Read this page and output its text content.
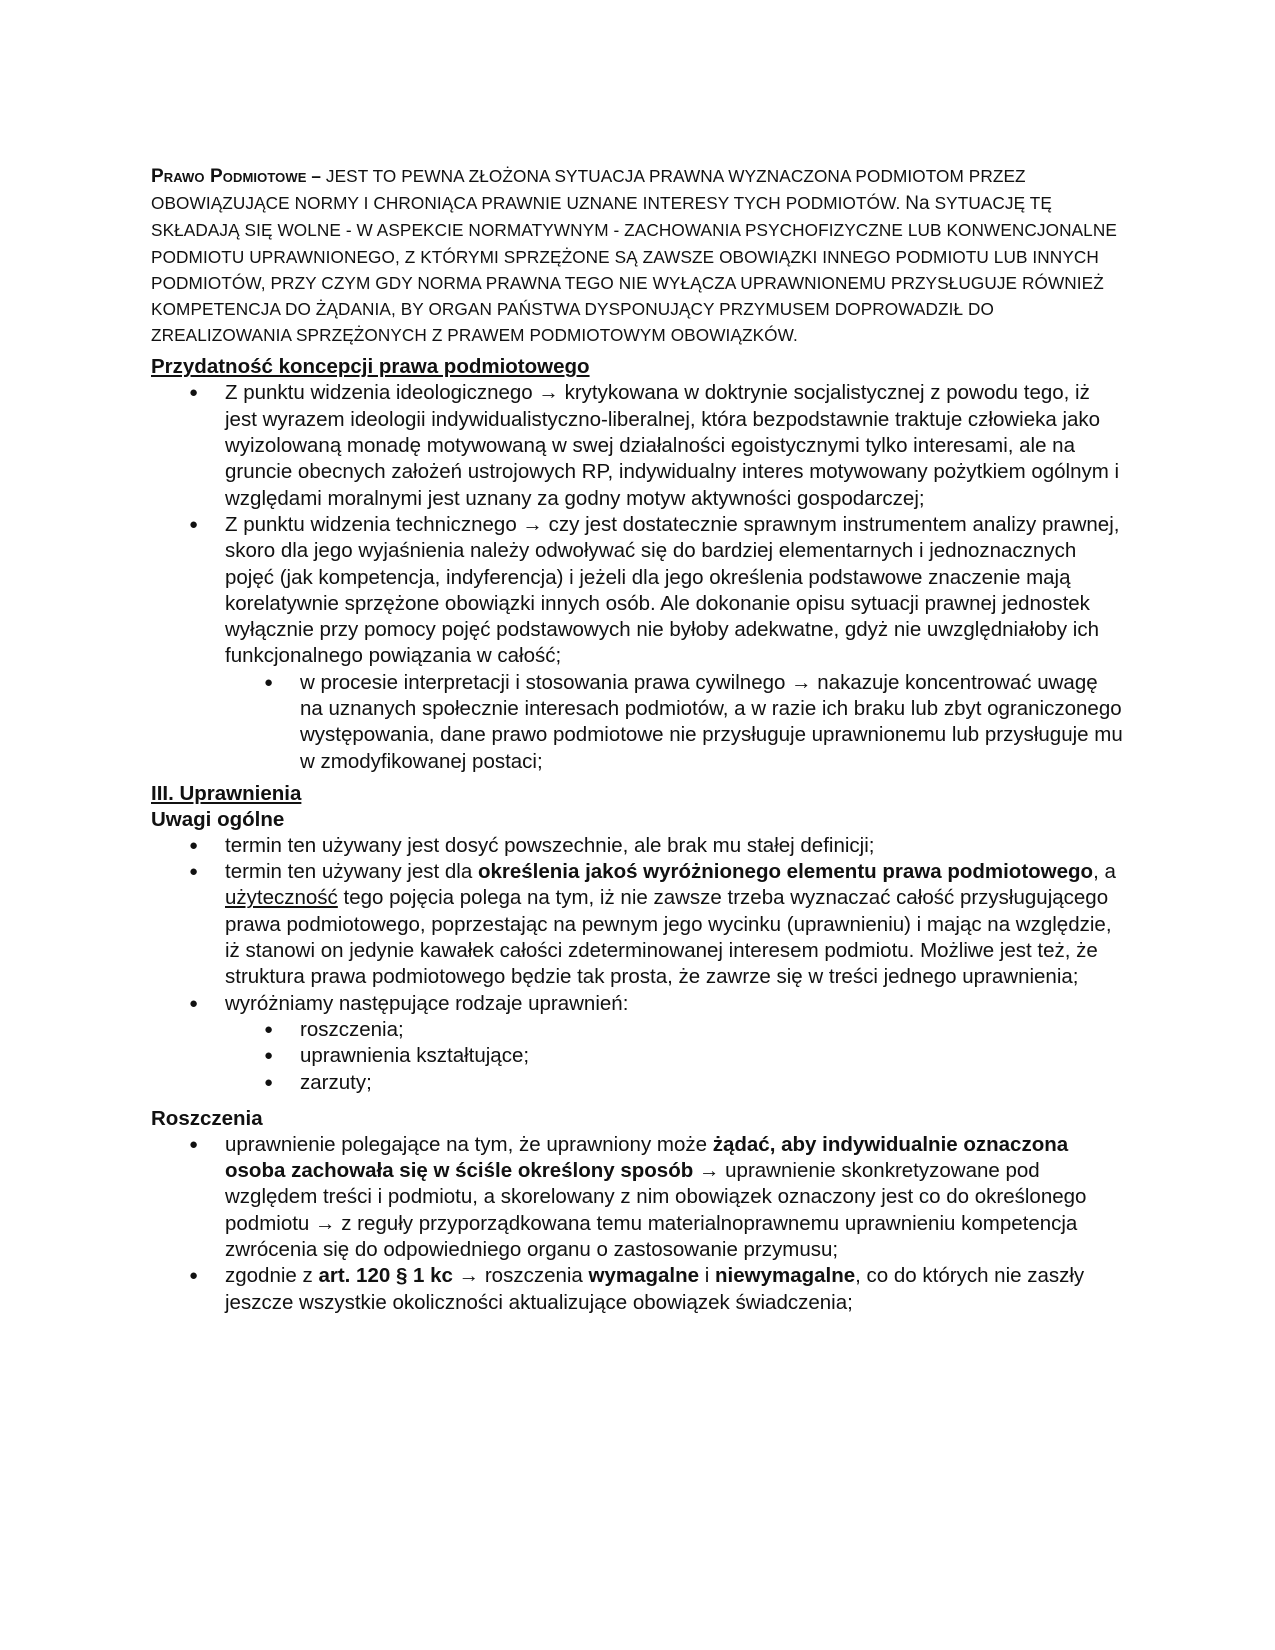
Prawo Podmiotowe – JEST TO PEWNA ZŁOŻONA SYTUACJA PRAWNA WYZNACZONA PODMIOTOM PRZEZ OBOWIĄZUJĄCE NORMY I CHRONIĄCA PRAWNIE UZNANE INTERESY TYCH PODMIOTÓW. Na SYTUACJĘ TĘ SKŁADAJĄ SIĘ WOLNE - W ASPEKCIE NORMATYWNYM - ZACHOWANIA PSYCHOFIZYCZNE LUB KONWENCJONALNE PODMIOTU UPRAWNIONEGO, Z KTÓRYMI SPRZĘŻONE SĄ ZAWSZE OBOWIĄZKI INNEGO PODMIOTU LUB INNYCH PODMIOTÓW, PRZY CZYM GDY NORMA PRAWNA TEGO NIE WYŁĄCZA UPRAWNIONEMU PRZYSŁUGUJE RÓWNIEŻ KOMPETENCJA DO ŻĄDANIA, BY ORGAN PAŃSTWA DYSPONUJĄCY PRZYMUSEM DOPROWADZIŁ DO ZREALIZOWANIA SPRZĘŻONYCH Z PRAWEM PODMIOTOWYM OBOWIĄZKÓW.

Przydatność koncepcji prawa podmiotowego

● Z punktu widzenia ideologicznego → krytykowana w doktrynie socjalistycznej z powodu tego, iż jest wyrazem ideologii indywidualistyczno-liberalnej, która bezpodstawnie traktuje człowieka jako wyizolowaną monadę motywowaną w swej działalności egoistycznymi tylko interesami, ale na gruncie obecnych założeń ustrojowych RP, indywidualny interes motywowany pożytkiem ogólnym i względami moralnymi jest uznany za godny motyw aktywności gospodarczej;
● Z punktu widzenia technicznego → czy jest dostatecznie sprawnym instrumentem analizy prawnej, skoro dla jego wyjaśnienia należy odwoływać się do bardziej elementarnych i jednoznacznych pojęć (jak kompetencja, indyferencja) i jeżeli dla jego określenia podstawowe znaczenie mają korelatywnie sprzężone obowiązki innych osób. Ale dokonanie opisu sytuacji prawnej jednostek wyłącznie przy pomocy pojęć podstawowych nie byłoby adekwatne, gdyż nie uwzględniałoby ich funkcjonalnego powiązania w całość;
● w procesie interpretacji i stosowania prawa cywilnego → nakazuje koncentrować uwagę na uznanych społecznie interesach podmiotów, a w razie ich braku lub zbyt ograniczonego występowania, dane prawo podmiotowe nie przysługuje uprawnionemu lub przysługuje mu w zmodyfikowanej postaci;

III. Uprawnienia

Uwagi ogólne

● termin ten używany jest dosyć powszechnie, ale brak mu stałej definicji;
● termin ten używany jest dla określenia jakoś wyróżnionego elementu prawa podmiotowego, a użyteczność tego pojęcia polega na tym, iż nie zawsze trzeba wyznaczać całość przysługującego prawa podmiotowego, poprzestając na pewnym jego wycinku (uprawnieniu) i mając na względzie, iż stanowi on jedynie kawałek całości zdeterminowanej interesem podmiotu. Możliwe jest też, że struktura prawa podmiotowego będzie tak prosta, że zawrze się w treści jednego uprawnienia;
● wyróżniamy następujące rodzaje uprawnień:
● roszczenia;
● uprawnienia kształtujące;
● zarzuty;

Roszczenia

● uprawnienie polegające na tym, że uprawniony może żądać, aby indywidualnie oznaczona osoba zachowała się w ściśle określony sposób → uprawnienie skonkretyzowane pod względem treści i podmiotu, a skorelowany z nim obowiązek oznaczony jest co do określonego podmiotu → z reguły przyporządkowana temu materialnoprawnemu uprawnieniu kompetencja zwrócenia się do odpowiedniego organu o zastosowanie przymusu;
● zgodnie z art. 120 § 1 kc → roszczenia wymagalne i niewymagalne, co do których nie zaszły jeszcze wszystkie okoliczności aktualizujące obowiązek świadczenia;
